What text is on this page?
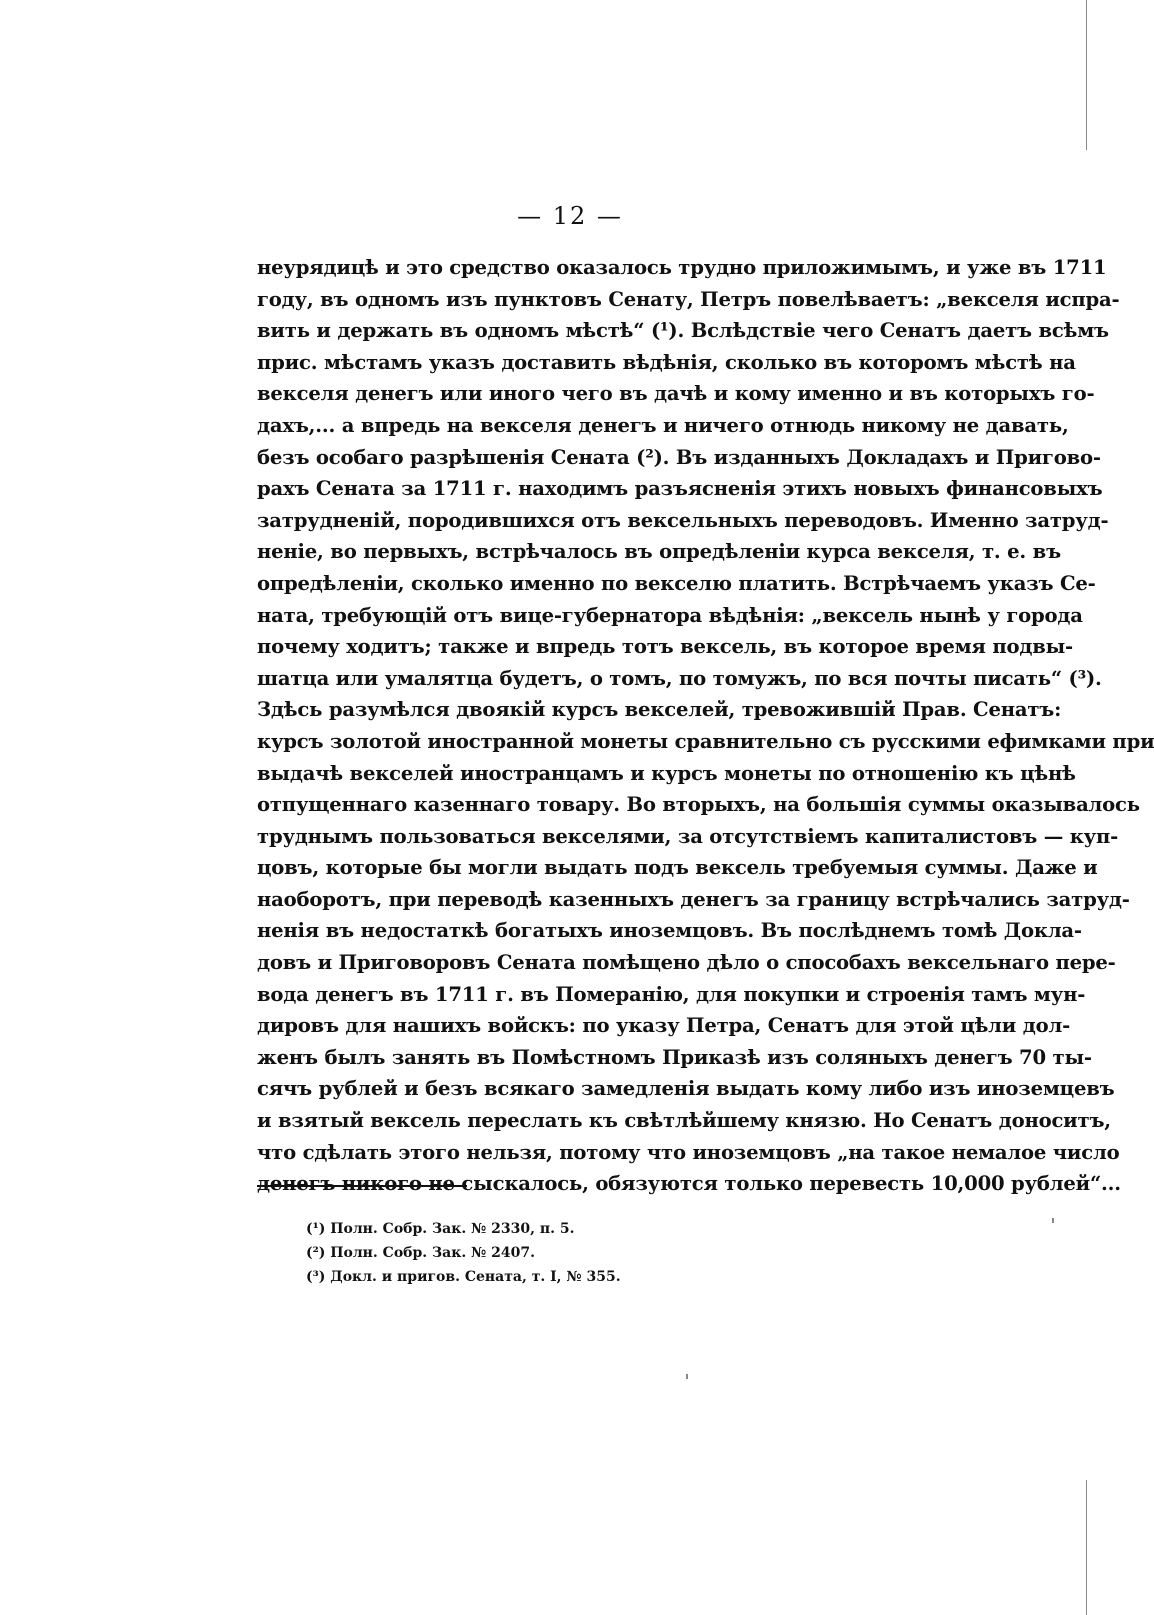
— 12 —
неурядицѣ и это средство оказалось трудно приложимымъ, и уже въ 1711
году, въ одномъ изъ пунктовъ Сенату, Петръ повелѣваетъ: „векселя испра-
вить и держать въ одномъ мѣстѣ“ (¹). Вслѣдствіе чего Сенатъ даетъ всѣмъ
прис. мѣстамъ указъ доставить вѣдѣнія, сколько въ которомъ мѣстѣ на
векселя денегъ или иного чего въ дачѣ и кому именно и въ которыхъ го-
дахъ,... а впредь на векселя денегъ и ничего отнюдь никому не давать,
безъ особаго разрѣшенія Сената (²). Въ изданныхъ Докладахъ и Пригово-
рахъ Сената за 1711 г. находимъ разъясненія этихъ новыхъ финансовыхъ
затрудненій, породившихся отъ вексельныхъ переводовъ. Именно затруд-
неніе, во первыхъ, встрѣчалось въ опредѣленіи курса векселя, т. е. въ
опредѣленіи, сколько именно по векселю платить. Встрѣчаемъ указъ Се-
ната, требующій отъ вице-губернатора вѣдѣнія: „вексель нынѣ у города
почему ходитъ; также и впредь тотъ вексель, въ которое время подвы-
шатца или умалятца будетъ, о томъ, по томужъ, по вся почты писать“ (³).
Здѣсь разумѣлся двоякій курсъ векселей, тревожившій Прав. Сенатъ:
курсъ золотой иностранной монеты сравнительно съ русскими ефимками при
выдачѣ векселей иностранцамъ и курсъ монеты по отношенію къ цѣнѣ
отпущеннаго казеннаго товару. Во вторыхъ, на большія суммы оказывалось
труднымъ пользоваться векселями, за отсутствіемъ капиталистовъ — куп-
цовъ, которые бы могли выдать подъ вексель требуемыя суммы. Даже и
наоборотъ, при переводѣ казенныхъ денегъ за границу встрѣчались затруд-
ненія въ недостаткѣ богатыхъ иноземцовъ. Въ послѣднемъ томѣ Докла-
довъ и Приговоровъ Сената помѣщено дѣло о способахъ вексельнаго пере-
вода денегъ въ 1711 г. въ Померанію, для покупки и строенія тамъ мун-
дировъ для нашихъ войскъ: по указу Петра, Сенатъ для этой цѣли дол-
женъ былъ занять въ Помѣстномъ Приказѣ изъ соляныхъ денегъ 70 ты-
сячъ рублей и безъ всякаго замедленія выдать кому либо изъ иноземцевъ
и взятый вексель переслать къ свѣтлѣйшему князю. Но Сенатъ доноситъ,
что сдѣлать этого нельзя, потому что иноземцовъ „на такое немалое число
денегъ никого не сыскалось, обязуются только перевесть 10,000 рублей“...
(¹) Полн. Собр. Зак. № 2330, п. 5.
(²) Полн. Собр. Зак. № 2407.
(³) Докл. и пригов. Сената, т. I, № 355.
